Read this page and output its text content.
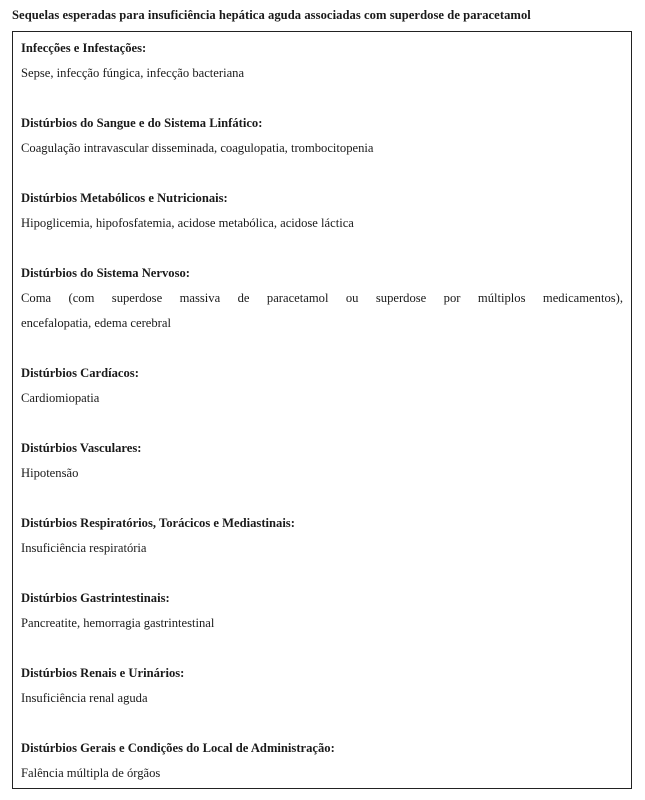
Sequelas esperadas para insuficiência hepática aguda associadas com superdose de paracetamol

Infecções e Infestações:

Sepse, infecção fúngica, infecção bacteriana

Distúrbios do Sangue e do Sistema Linfático:

Coagulação intravascular disseminada, coagulopatia, trombocitopenia

Distúrbios Metabólicos e Nutricionais:

Hipoglicemia, hipofosfatemia, acidose metabólica, acidose láctica

Distúrbios do Sistema Nervoso:

Coma (com superdose massiva de paracetamol ou superdose por múltiplos medicamentos),

encefalopatia, edema cerebral

Distúrbios Cardíacos:

Cardiomiopatia

Distúrbios Vasculares:

Hipotensão

Distúrbios Respiratórios, Torácicos e Mediastinais:

Insuficiência respiratória

Distúrbios Gastrintestinais:

Pancreatite, hemorragia gastrintestinal

Distúrbios Renais e Urinários:

Insuficiência renal aguda

Distúrbios Gerais e Condições do Local de Administração:

Falência múltipla de órgãos
